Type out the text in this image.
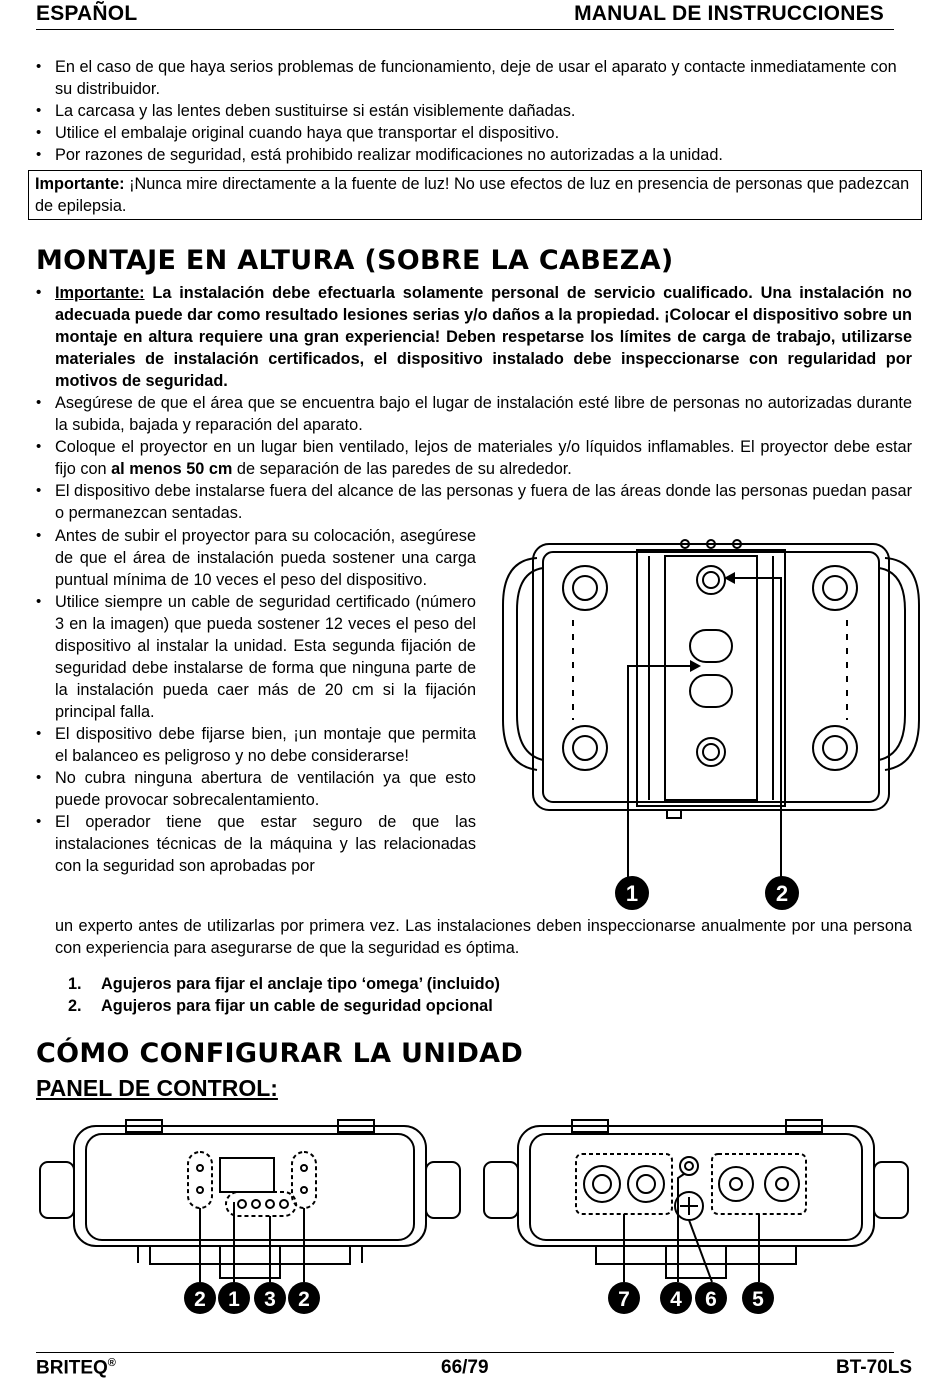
ESPAÑOL	MANUAL DE INSTRUCCIONES
• En el caso de que haya serios problemas de funcionamiento, deje de usar el aparato y contacte inmediatamente con su distribuidor.
• La carcasa y las lentes deben sustituirse si están visiblemente dañadas.
• Utilice el embalaje original cuando haya que transportar el dispositivo.
• Por razones de seguridad, está prohibido realizar modificaciones no autorizadas a la unidad.
Importante: ¡Nunca mire directamente a la fuente de luz! No use efectos de luz en presencia de personas que padezcan de epilepsia.
MONTAJE EN ALTURA (SOBRE LA CABEZA)
• Importante: La instalación debe efectuarla solamente personal de servicio cualificado. Una instalación no adecuada puede dar como resultado lesiones serias y/o daños a la propiedad. ¡Colocar el dispositivo sobre un montaje en altura requiere una gran experiencia! Deben respetarse los límites de carga de trabajo, utilizarse materiales de instalación certificados, el dispositivo instalado debe inspeccionarse con regularidad por motivos de seguridad.
• Asegúrese de que el área que se encuentra bajo el lugar de instalación esté libre de personas no autorizadas durante la subida, bajada y reparación del aparato.
• Coloque el proyector en un lugar bien ventilado, lejos de materiales y/o líquidos inflamables. El proyector debe estar fijo con al menos 50 cm de separación de las paredes de su alrededor.
• El dispositivo debe instalarse fuera del alcance de las personas y fuera de las áreas donde las personas puedan pasar o permanezcan sentadas.
• Antes de subir el proyector para su colocación, asegúrese de que el área de instalación pueda sostener una carga puntual mínima de 10 veces el peso del dispositivo.
• Utilice siempre un cable de seguridad certificado (número 3 en la imagen) que pueda sostener 12 veces el peso del dispositivo al instalar la unidad. Esta segunda fijación de seguridad debe instalarse de forma que ninguna parte de la instalación pueda caer más de 20 cm si la fijación principal falla.
• El dispositivo debe fijarse bien, ¡un montaje que permita el balanceo es peligroso y no debe considerarse!
• No cubra ninguna abertura de ventilación ya que esto puede provocar sobrecalentamiento.
• El operador tiene que estar seguro de que las instalaciones técnicas de la máquina y las relacionadas con la seguridad son aprobadas por
un experto antes de utilizarlas por primera vez. Las instalaciones deben inspeccionarse anualmente por una persona con experiencia para asegurarse de que la seguridad es óptima.
1	2
1. Agujeros para fijar el anclaje tipo ‘omega’ (incluido)
2. Agujeros para fijar un cable de seguridad opcional
CÓMO CONFIGURAR LA UNIDAD
PANEL DE CONTROL:
2 1 3 2	7 4 6 5
BRITEQ®	66/79	BT-70LS
